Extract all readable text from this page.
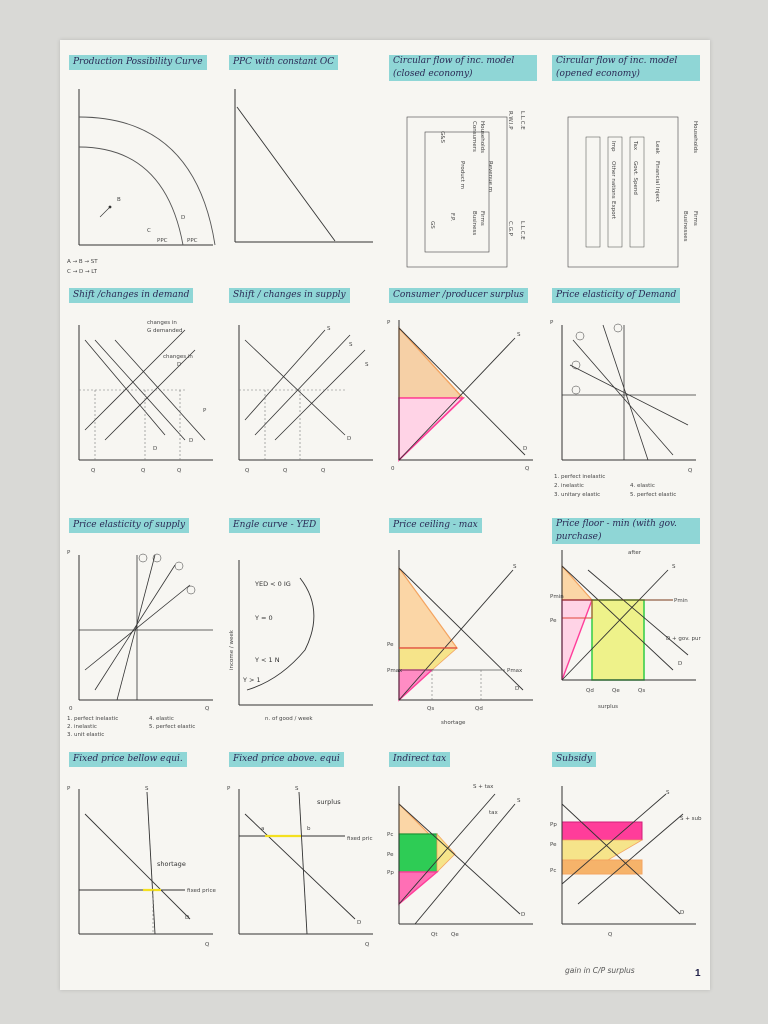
Production Possibility Curve
B
D
C
PPC	PPC
A → B → ST
C → D → LT
PPC with constant OC	Circular flow of inc. model (closed economy)
L.L.C.E
R.W.I.P
Households
Consumers
G&S
Product m	Revenue m
Firms
Business
F.P.
C.G.P L.L.C.E
GS
Circular flow of inc. model (opened economy)
Households
Firms
Businesses
Leak
Financial Inject
Tax
Govt. Spend
Imp
Other nations
Export
Shift /changes in demand
changes in
G demanded
changes in
D
P
D
D
Q	Q	Q
Shift / changes in supply
S
S
S
D
Q	Q	Q
Consumer /producer surplus
P
S
D
Q
0
Price elasticity of Demand
P
Q
1. perfect inelastic
2. inelastic
3. unitary elastic
4. elastic
5. perfect elastic
Price elasticity of supply
P
Q
0
1. perfect inelastic
2. inelastic
3. unit elastic
4. elastic
5. perfect elastic
Engle curve - YED
YED < 0 IG
Y = 0
Y < 1 N
Y > 1
income / week
n. of good / week
Price ceiling - max
S
Pe
Pmax	Pmax
D
Qs	Qd
shortage
Price floor - min (with gov. purchase)
S
Pmin
Pmin
Pe
D + gov. pur
D
Qd	Qe	Qs
surplus
after
Fixed price bellow equi.
P	S
shortage
fixed price
D
Q
Fixed price above. equi
P	S
surplus
a	b
fixed pric
D
Q
Indirect tax
S + tax
S
tax
Pc
Pe
Pp
D
Qt Qe
Subsidy
S
S + sub
Pp
Pe
Pc
D
Q
gain in C/P surplus	1
